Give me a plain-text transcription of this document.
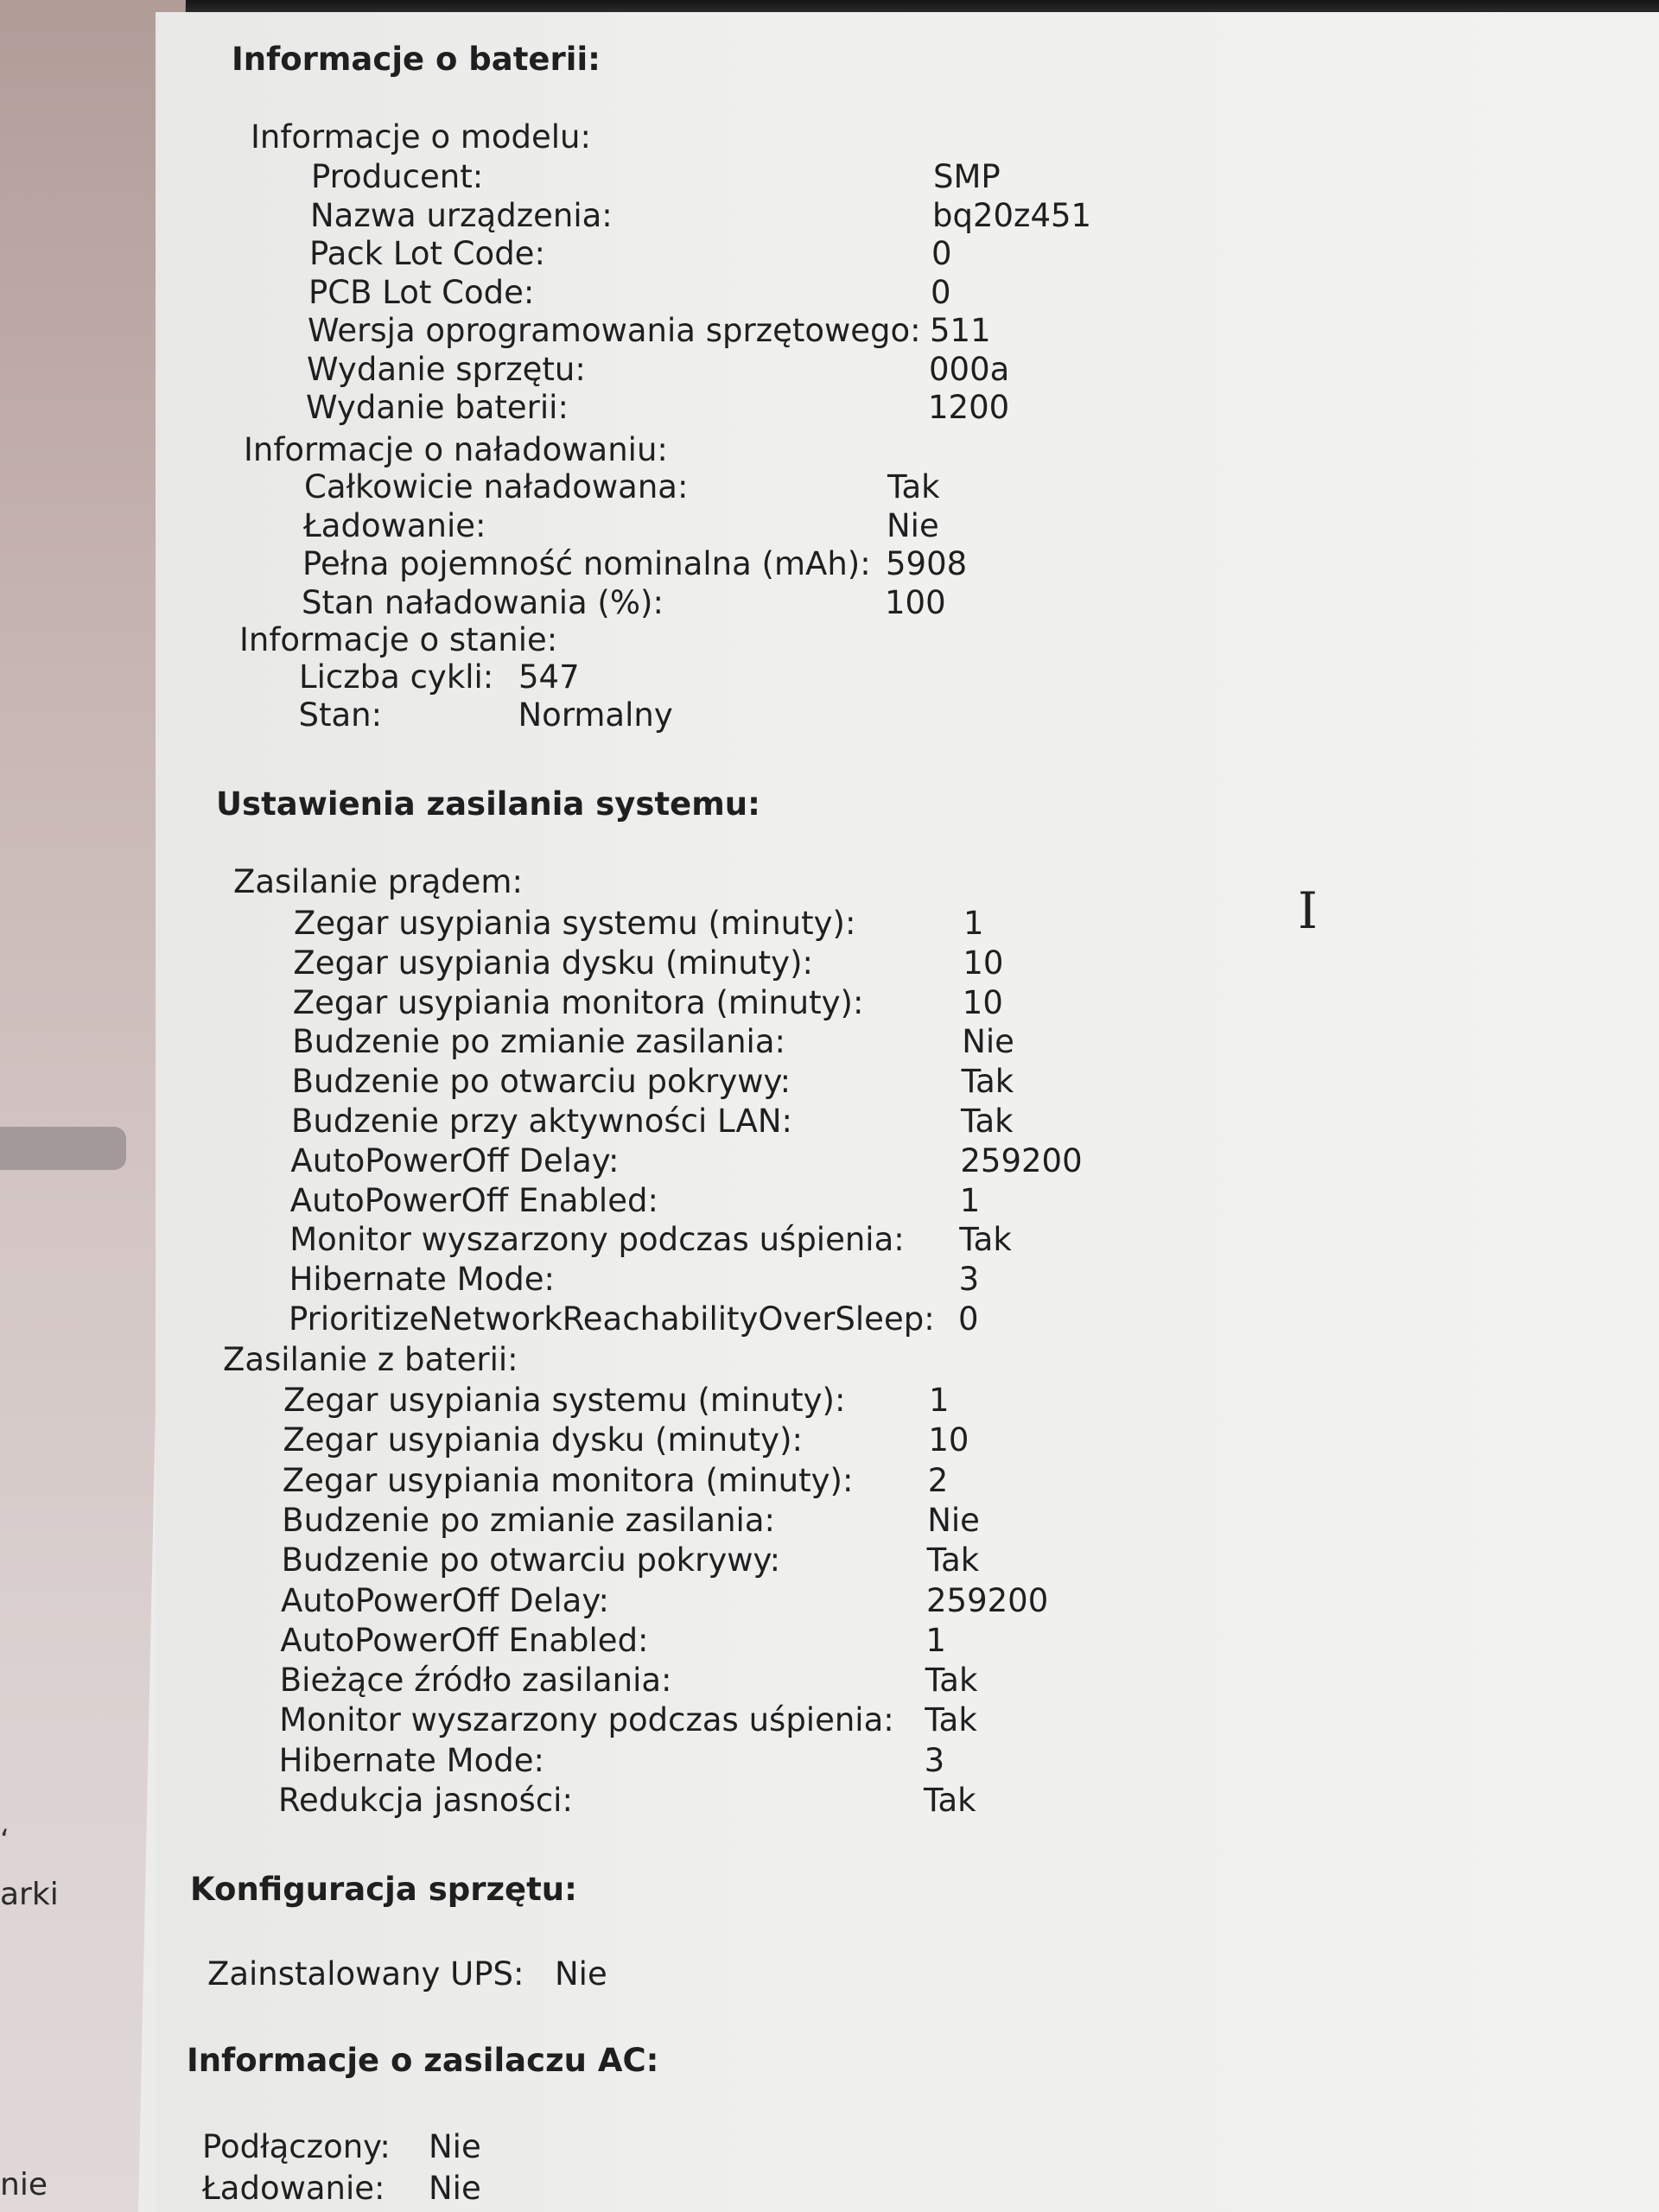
ʻ
arki
nie
Informacje o baterii:
Informacje o modelu:
Producent:	SMP
Nazwa urządzenia:	bq20z451
Pack Lot Code:	0
PCB Lot Code:	0
Wersja oprogramowania sprzętowego: 511
Wydanie sprzętu:	000a
Wydanie baterii:	1200
Informacje o naładowaniu:
Całkowicie naładowana:	Tak
Ładowanie:	Nie
Pełna pojemność nominalna (mAh): 5908
Stan naładowania (%):	100
Informacje o stanie:
Liczba cykli: 547
Stan:	Normalny
Ustawienia zasilania systemu:
Zasilanie prądem:
Zegar usypiania systemu (minuty):	1
Zegar usypiania dysku (minuty):	10
Zegar usypiania monitora (minuty):	10
Budzenie po zmianie zasilania:	Nie
Budzenie po otwarciu pokrywy:	Tak
Budzenie przy aktywności LAN:	Tak
AutoPowerOff Delay:	259200
AutoPowerOff Enabled:	1
Monitor wyszarzony podczas uśpienia: Tak
Hibernate Mode:	3
PrioritizeNetworkReachabilityOverSleep: 0
Zasilanie z baterii:
Zegar usypiania systemu (minuty):	1
Zegar usypiania dysku (minuty):	10
Zegar usypiania monitora (minuty): 2
Budzenie po zmianie zasilania:	Nie
Budzenie po otwarciu pokrywy:	Tak
AutoPowerOff Delay:	259200
AutoPowerOff Enabled:	1
Bieżące źródło zasilania:	Tak
Monitor wyszarzony podczas uśpienia: Tak
Hibernate Mode:	3
Redukcja jasności:	Tak
Konfiguracja sprzętu:
Zainstalowany UPS: Nie
Informacje o zasilaczu AC:
Podłączony: Nie
Ładowanie: Nie
I
